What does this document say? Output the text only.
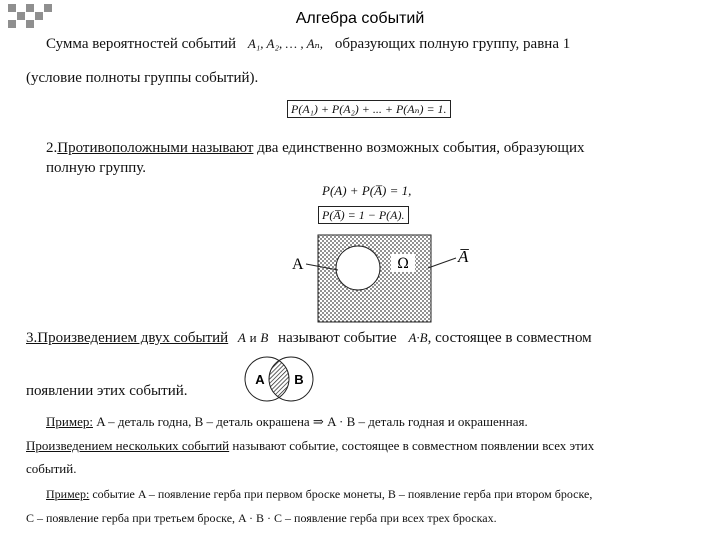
Алгебра событий
Сумма вероятностей событий A₁, A₂, … , Aₙ, образующих полную группу, равна 1
(условие полноты группы событий).
P(A₁) + P(A₂) + ... + P(Aₙ) = 1.
2.Противоположными называют два единственно возможных события, образующих
полную группу.
P(A) + P(A̅) = 1,
P(A̅) = 1 − P(A).
Ω
A	A̅
3.Произведением двух событий A и B называют событие A·B, состоящее в совместном
появлении этих событий.
A B
Пример: A – деталь годна, B – деталь окрашена ⇒ A · B – деталь годная и окрашенная.
Произведением нескольких событий называют событие, состоящее в совместном появлении всех этих
событий.
Пример: событие A – появление герба при первом броске монеты, B – появление герба при втором броске,
C – появление герба при третьем броске, A · B · C – появление герба при всех трех бросках.
